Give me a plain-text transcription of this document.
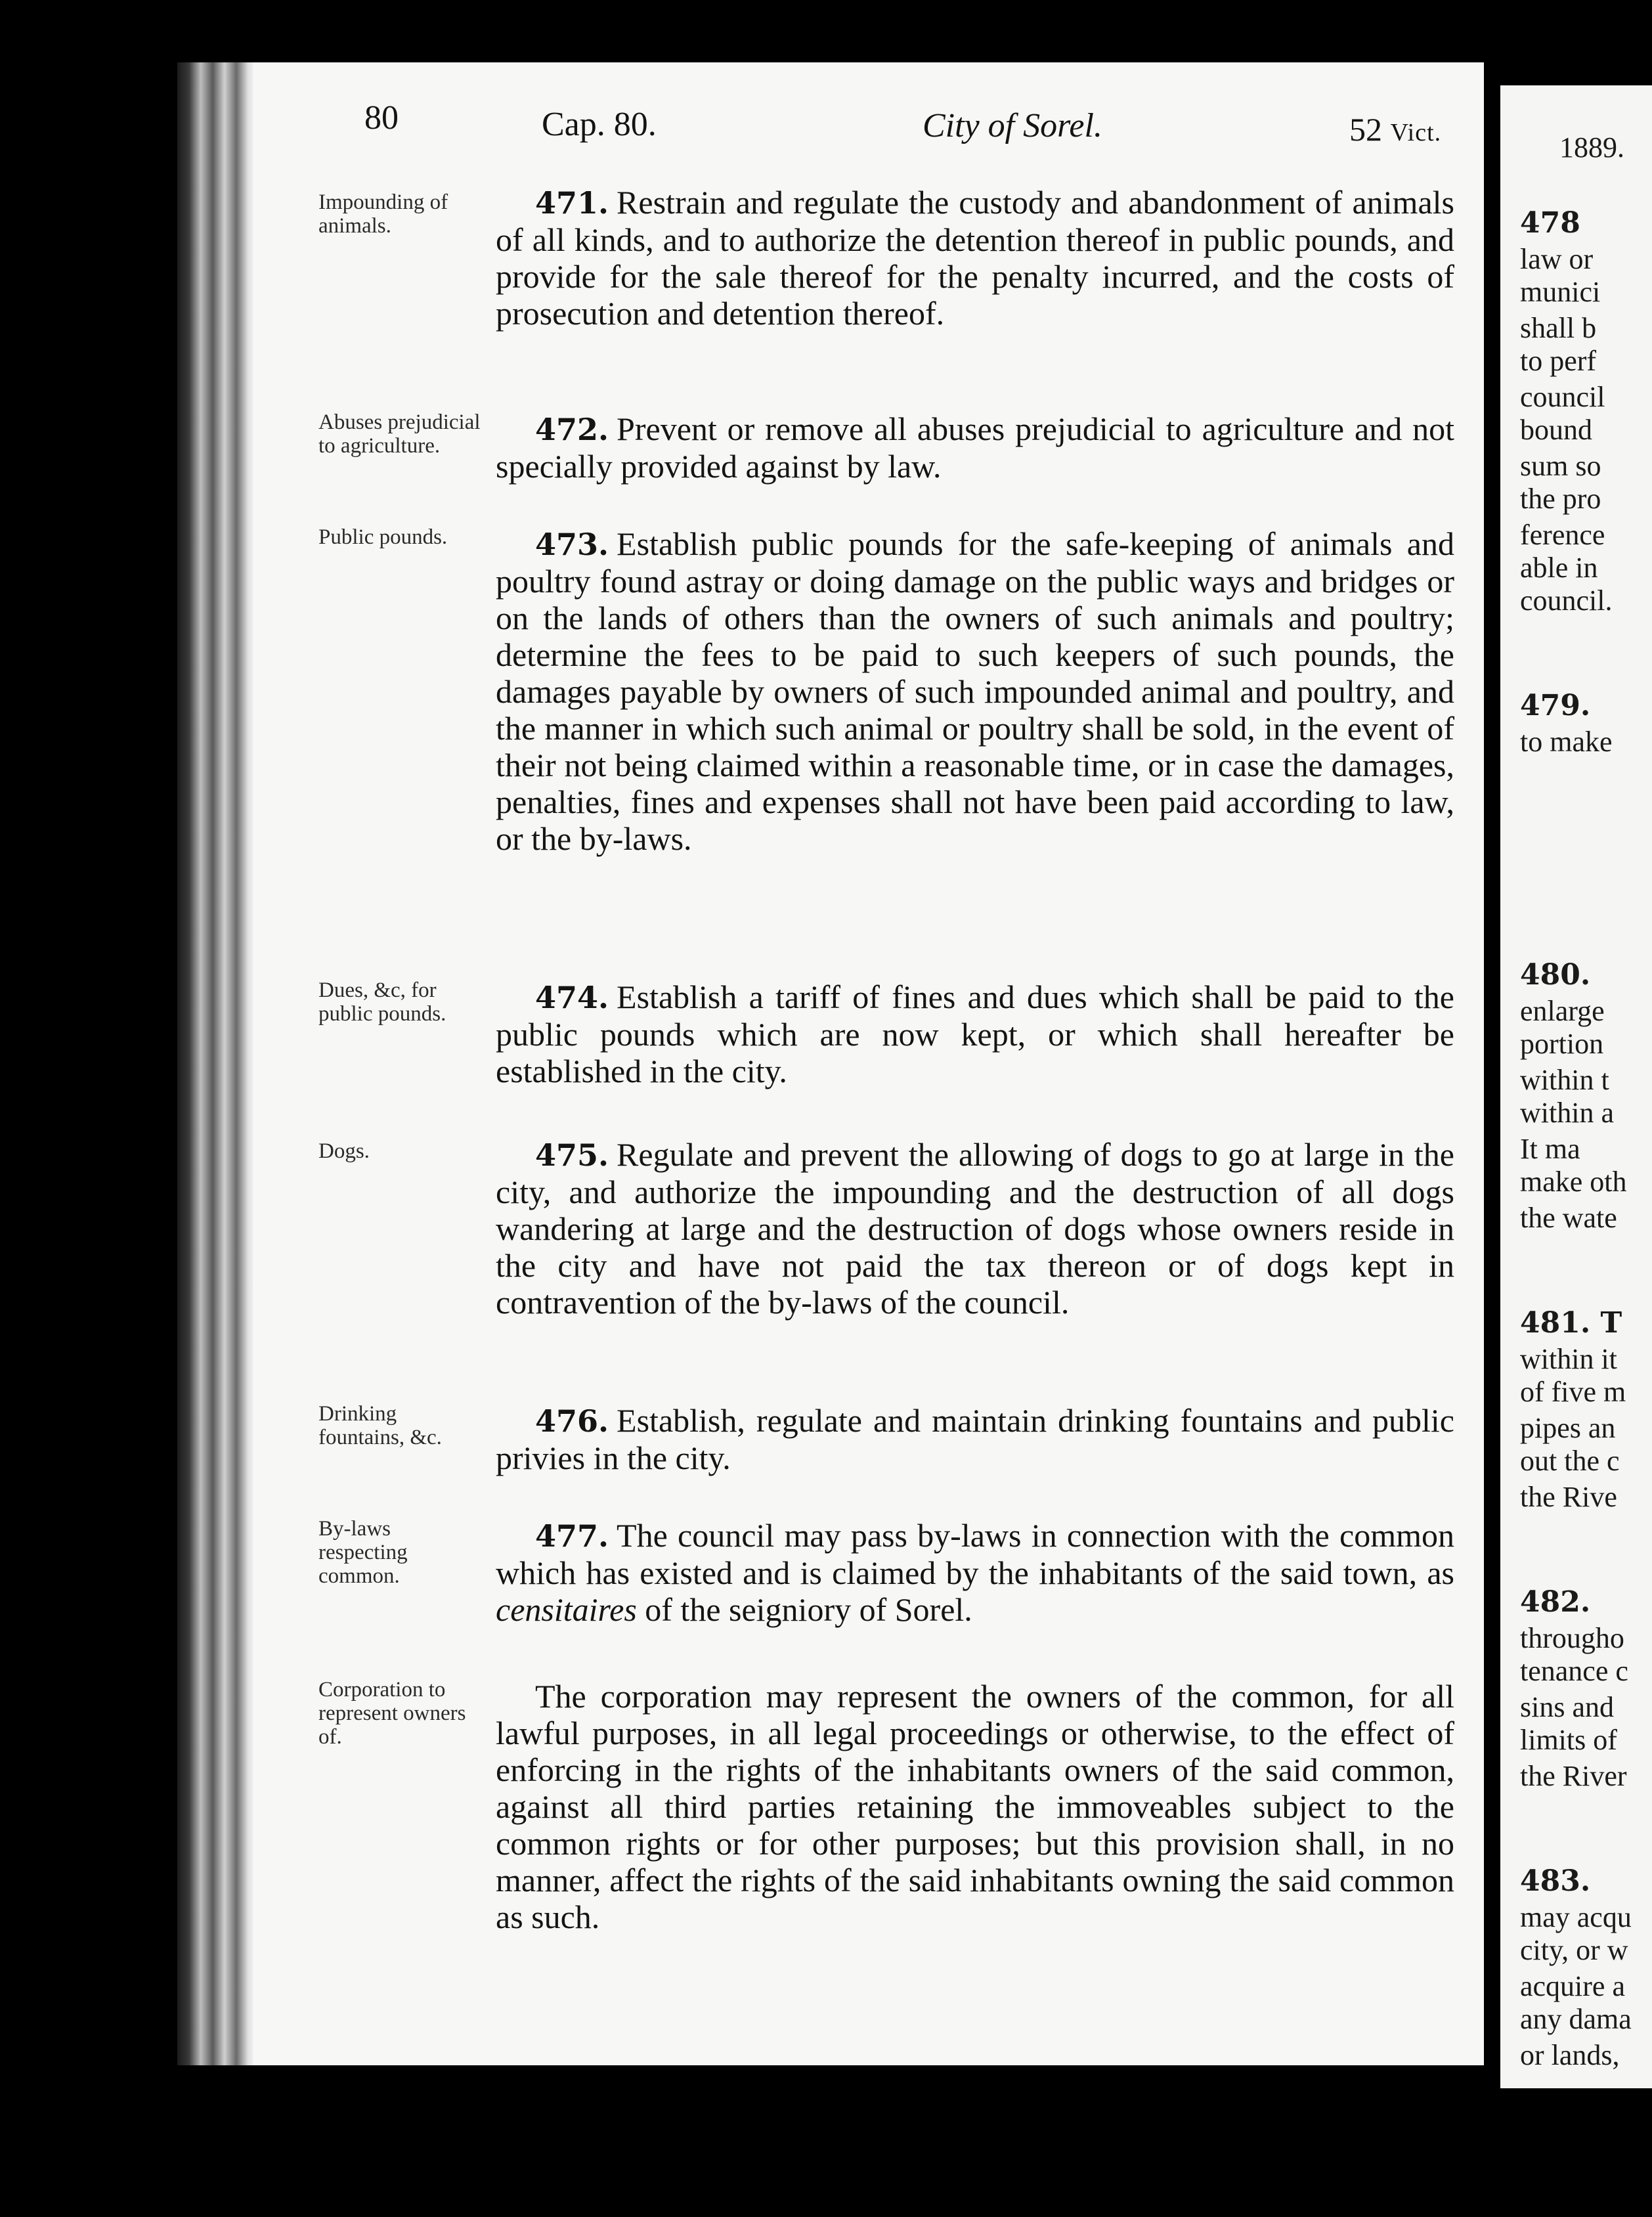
80	Cap. 80.	City of Sorel.	52 Vict.
Impounding of animals.
471. Restrain and regulate the custody and abandonment of animals of all kinds, and to authorize the detention thereof in public pounds, and provide for the sale thereof for the penalty incurred, and the costs of prosecution and detention thereof.
Abuses prejudicial to agriculture.	472. Prevent or remove all abuses prejudicial to agriculture and not specially provided against by law.
Public pounds.	473. Establish public pounds for the safe-keeping of animals and poultry found astray or doing damage on the public ways and bridges or on the lands of others than the owners of such animals and poultry; determine the fees to be paid to such keepers of such pounds, the damages payable by owners of such impounded animal and poultry, and the manner in which such animal or poultry shall be sold, in the event of their not being claimed within a reasonable time, or in case the damages, penalties, fines and expenses shall not have been paid according to law, or the by-laws.
Dues, &c, for public pounds.	474. Establish a tariff of fines and dues which shall be paid to the public pounds which are now kept, or which shall hereafter be established in the city.
Dogs.	475. Regulate and prevent the allowing of dogs to go at large in the city, and authorize the impounding and the destruction of all dogs wandering at large and the destruction of dogs whose owners reside in the city and have not paid the tax thereon or of dogs kept in contravention of the by-laws of the council.
Drinking fountains, &c.	476. Establish, regulate and maintain drinking fountains and public privies in the city.
By-laws respecting common.
477. The council may pass by-laws in connection with the common which has existed and is claimed by the inhabitants of the said town, as censitaires of the seigniory of Sorel.
Corporation to represent owners of.
The corporation may represent the owners of the common, for all lawful purposes, in all legal proceedings or otherwise, to the effect of enforcing in the rights of the inhabitants owners of the said common, against all third parties retaining the immoveables subject to the common rights or for other purposes; but this provision shall, in no manner, affect the rights of the said inhabitants owning the said common as such.
1889.
478
law or
munici
shall b
to perf
council
bound
sum so
the pro
ference
able in
council.
479.
to make
480.
enlarge
portion
within t
within a
It ma
make oth
the wate
481. T
within it
of five m
pipes an
out the c
the Rive
482.
througho
tenance c
sins and
limits of
the River
483.
may acqu
city, or w
acquire a
any dama
or lands,
